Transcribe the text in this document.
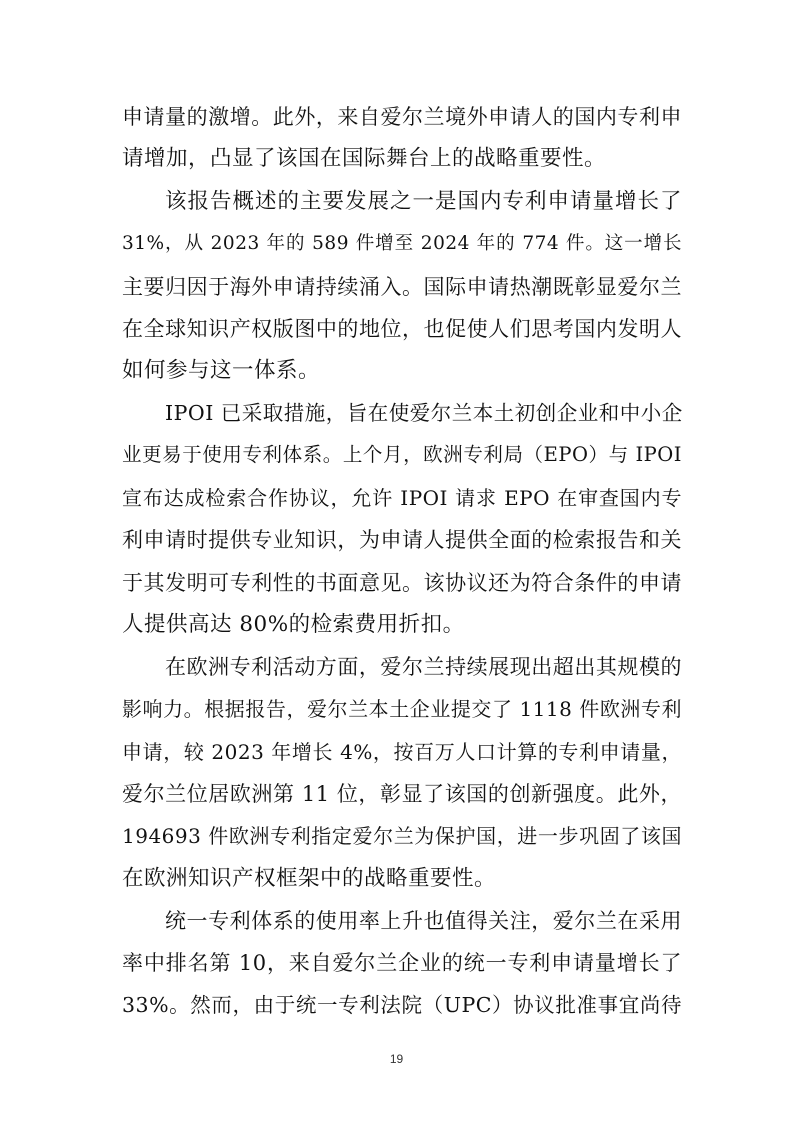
申请量的激增。此外，来自爱尔兰境外申请人的国内专利申
请增加，凸显了该国在国际舞台上的战略重要性。
该报告概述的主要发展之一是国内专利申请量增长了
31%，从 2023 年的 589 件增至 2024 年的 774 件。这一增长
主要归因于海外申请持续涌入。国际申请热潮既彰显爱尔兰
在全球知识产权版图中的地位，也促使人们思考国内发明人
如何参与这一体系。
IPOI 已采取措施，旨在使爱尔兰本土初创企业和中小企
业更易于使用专利体系。上个月，欧洲专利局（EPO）与 IPOI
宣布达成检索合作协议，允许 IPOI 请求 EPO 在审查国内专
利申请时提供专业知识，为申请人提供全面的检索报告和关
于其发明可专利性的书面意见。该协议还为符合条件的申请
人提供高达 80%的检索费用折扣。
在欧洲专利活动方面，爱尔兰持续展现出超出其规模的
影响力。根据报告，爱尔兰本土企业提交了 1118 件欧洲专利
申请，较 2023 年增长 4%，按百万人口计算的专利申请量，
爱尔兰位居欧洲第 11 位，彰显了该国的创新强度。此外，
194693 件欧洲专利指定爱尔兰为保护国，进一步巩固了该国
在欧洲知识产权框架中的战略重要性。
统一专利体系的使用率上升也值得关注，爱尔兰在采用
率中排名第 10，来自爱尔兰企业的统一专利申请量增长了
33%。然而，由于统一专利法院（UPC）协议批准事宜尚待
19
